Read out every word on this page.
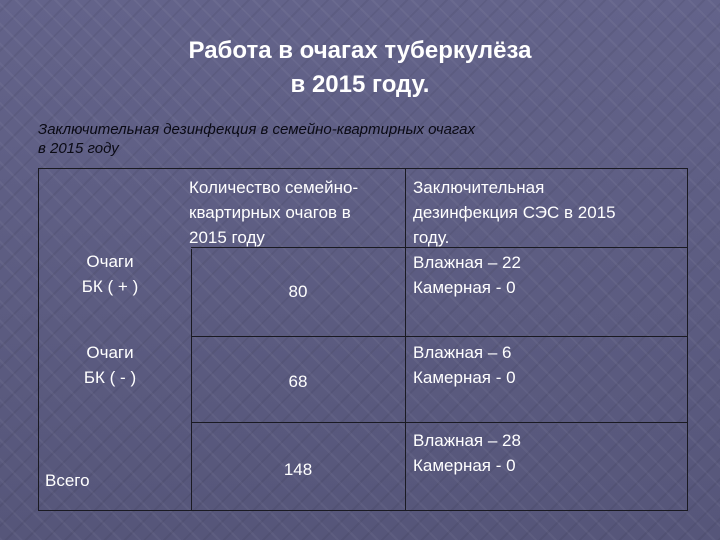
Работа в очагах туберкулёза
в 2015 году.
Заключительная дезинфекция в семейно-квартирных очагах
в 2015 году
Количество семейно-
квартирных очагов в
2015 году
Заключительная
дезинфекция СЭС в 2015
году.
Очаги
БК ( + )	80
Влажная – 22
Камерная - 0
Очаги
БК ( - )	68
Влажная – 6
Камерная - 0
Всего
148
Влажная – 28
Камерная - 0
